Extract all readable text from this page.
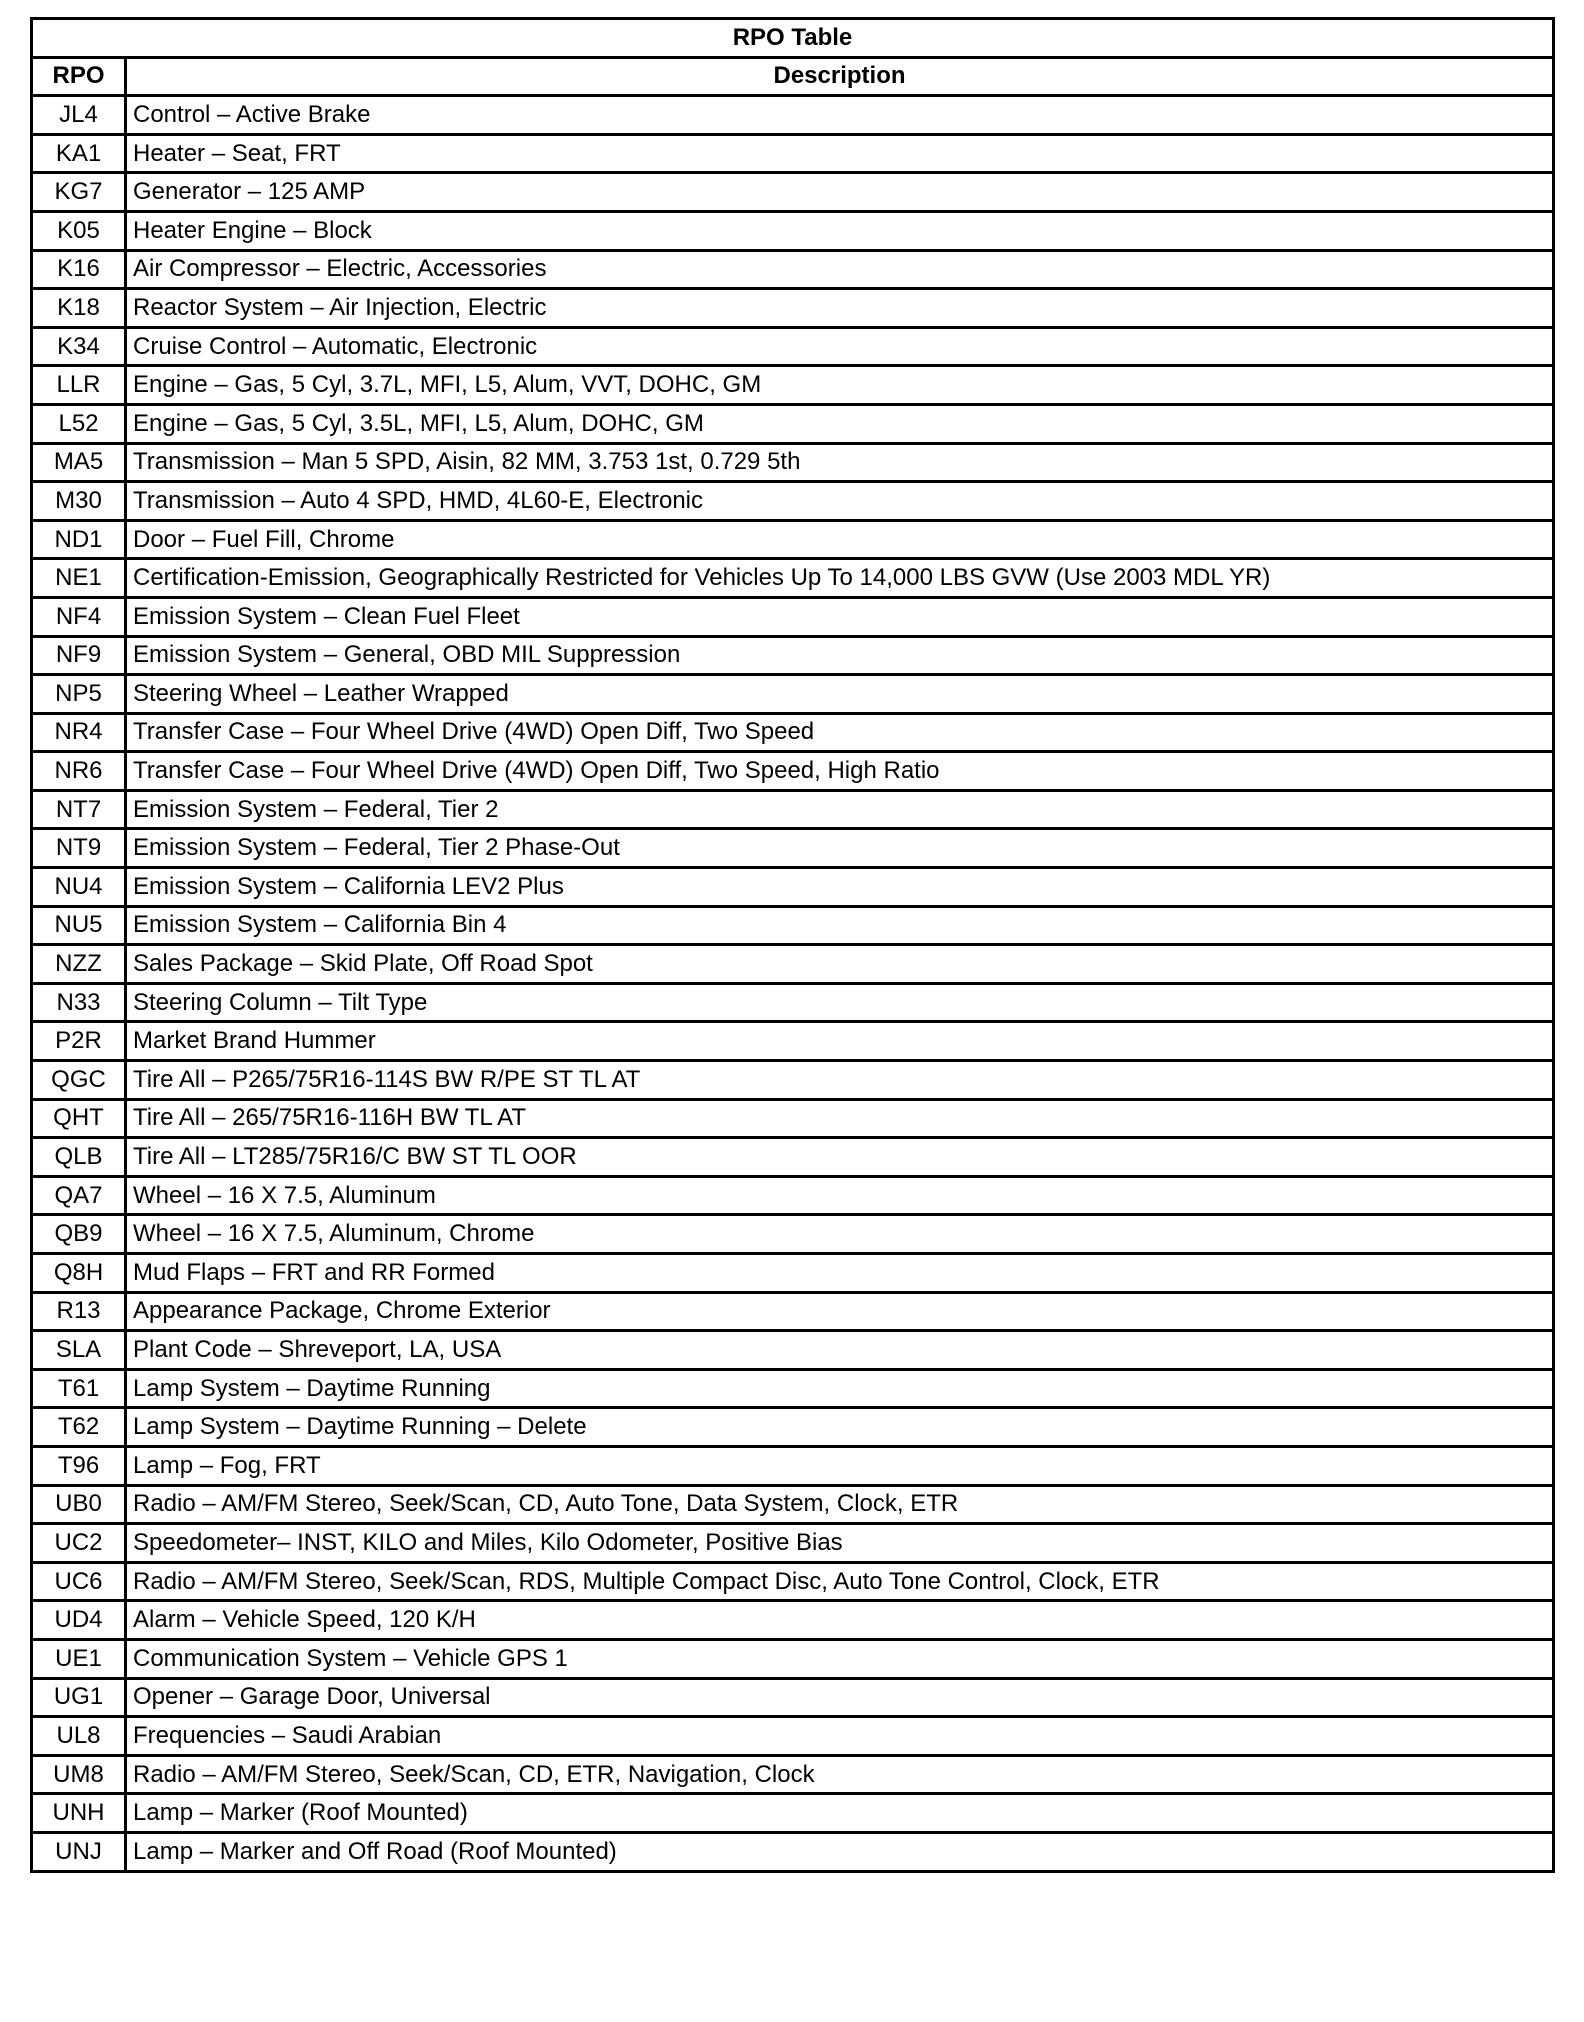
RPO Table	
RPO	Description
JL4	Control – Active Brake
KA1	Heater – Seat, FRT
KG7	Generator – 125 AMP
K05	Heater Engine – Block
K16	Air Compressor – Electric, Accessories
K18	Reactor System – Air Injection, Electric
K34	Cruise Control – Automatic, Electronic
LLR	Engine – Gas, 5 Cyl, 3.7L, MFI, L5, Alum, VVT, DOHC, GM
L52	Engine – Gas, 5 Cyl, 3.5L, MFI, L5, Alum, DOHC, GM
MA5	Transmission – Man 5 SPD, Aisin, 82 MM, 3.753 1st, 0.729 5th
M30	Transmission – Auto 4 SPD, HMD, 4L60-E, Electronic
ND1	Door – Fuel Fill, Chrome
NE1	Certification-Emission, Geographically Restricted for Vehicles Up To 14,000 LBS GVW (Use 2003 MDL YR)
NF4	Emission System – Clean Fuel Fleet
NF9	Emission System – General, OBD MIL Suppression
NP5	Steering Wheel – Leather Wrapped
NR4	Transfer Case – Four Wheel Drive (4WD) Open Diff, Two Speed
NR6	Transfer Case – Four Wheel Drive (4WD) Open Diff, Two Speed, High Ratio
NT7	Emission System – Federal, Tier 2
NT9	Emission System – Federal, Tier 2 Phase-Out
NU4	Emission System – California LEV2 Plus
NU5	Emission System – California Bin 4
NZZ	Sales Package – Skid Plate, Off Road Spot
N33	Steering Column – Tilt Type
P2R	Market Brand Hummer
QGC	Tire All – P265/75R16-114S BW R/PE ST TL AT
QHT	Tire All – 265/75R16-116H BW TL AT
QLB	Tire All – LT285/75R16/C BW ST TL OOR
QA7	Wheel – 16 X 7.5, Aluminum
QB9	Wheel – 16 X 7.5, Aluminum, Chrome
Q8H	Mud Flaps – FRT and RR Formed
R13	Appearance Package, Chrome Exterior
SLA	Plant Code – Shreveport, LA, USA
T61	Lamp System – Daytime Running
T62	Lamp System – Daytime Running – Delete
T96	Lamp – Fog, FRT
UB0	Radio – AM/FM Stereo, Seek/Scan, CD, Auto Tone, Data System, Clock, ETR
UC2	Speedometer– INST, KILO and Miles, Kilo Odometer, Positive Bias
UC6	Radio – AM/FM Stereo, Seek/Scan, RDS, Multiple Compact Disc, Auto Tone Control, Clock, ETR
UD4	Alarm – Vehicle Speed, 120 K/H
UE1	Communication System – Vehicle GPS 1
UG1	Opener – Garage Door, Universal
UL8	Frequencies – Saudi Arabian
UM8	Radio – AM/FM Stereo, Seek/Scan, CD, ETR, Navigation, Clock
UNH	Lamp – Marker (Roof Mounted)
UNJ	Lamp – Marker and Off Road (Roof Mounted)
